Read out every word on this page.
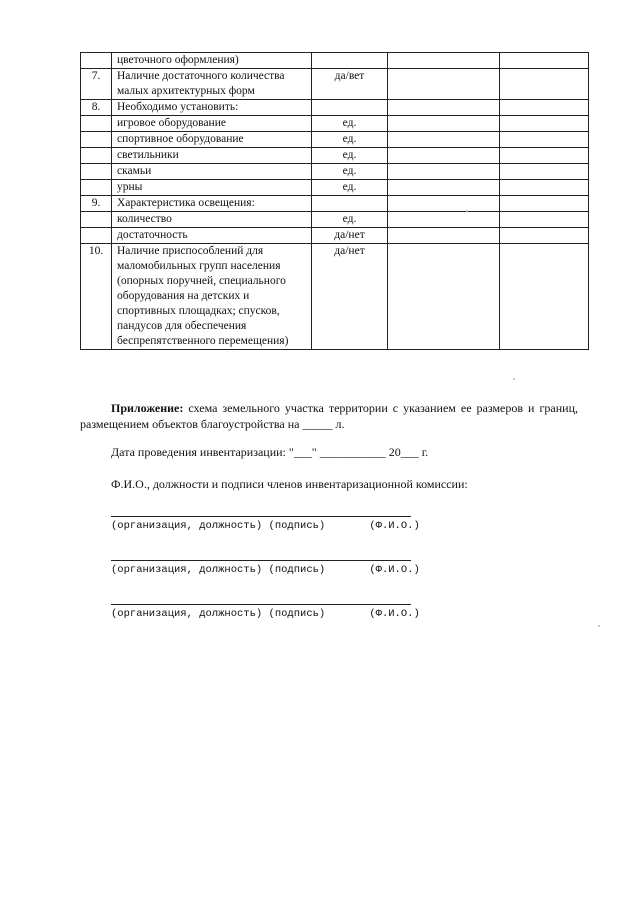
	цветочного оформления)			
7.	Наличие достаточного количества малых архитектурных форм	да/вет		
8.	Необходимо установить:			
	игровое оборудование	ед.		
	спортивное оборудование	ед.		
	светильники	ед.		
	скамьи	ед.		
	урны	ед.		
9.	Характеристика освещения:			
	количество	ед.		
	достаточность	да/нет		
10.	Наличие приспособлений для маломобильных групп населения (опорных поручней, специального оборудования на детских и спортивных площадках; спусков, пандусов для обеспечения беспрепятственного перемещения)	да/нет		

Приложение: схема земельного участка территории с указанием ее размеров и границ, размещением объектов благоустройства на _____ л.

Дата проведения инвентаризации: "___" ___________ 20___ г.

Ф.И.О., должности и подписи членов инвентаризационной комиссии:

(организация, должность) (подпись)       (Ф.И.О.)
(организация, должность) (подпись)       (Ф.И.О.)
(организация, должность) (подпись)       (Ф.И.О.)
